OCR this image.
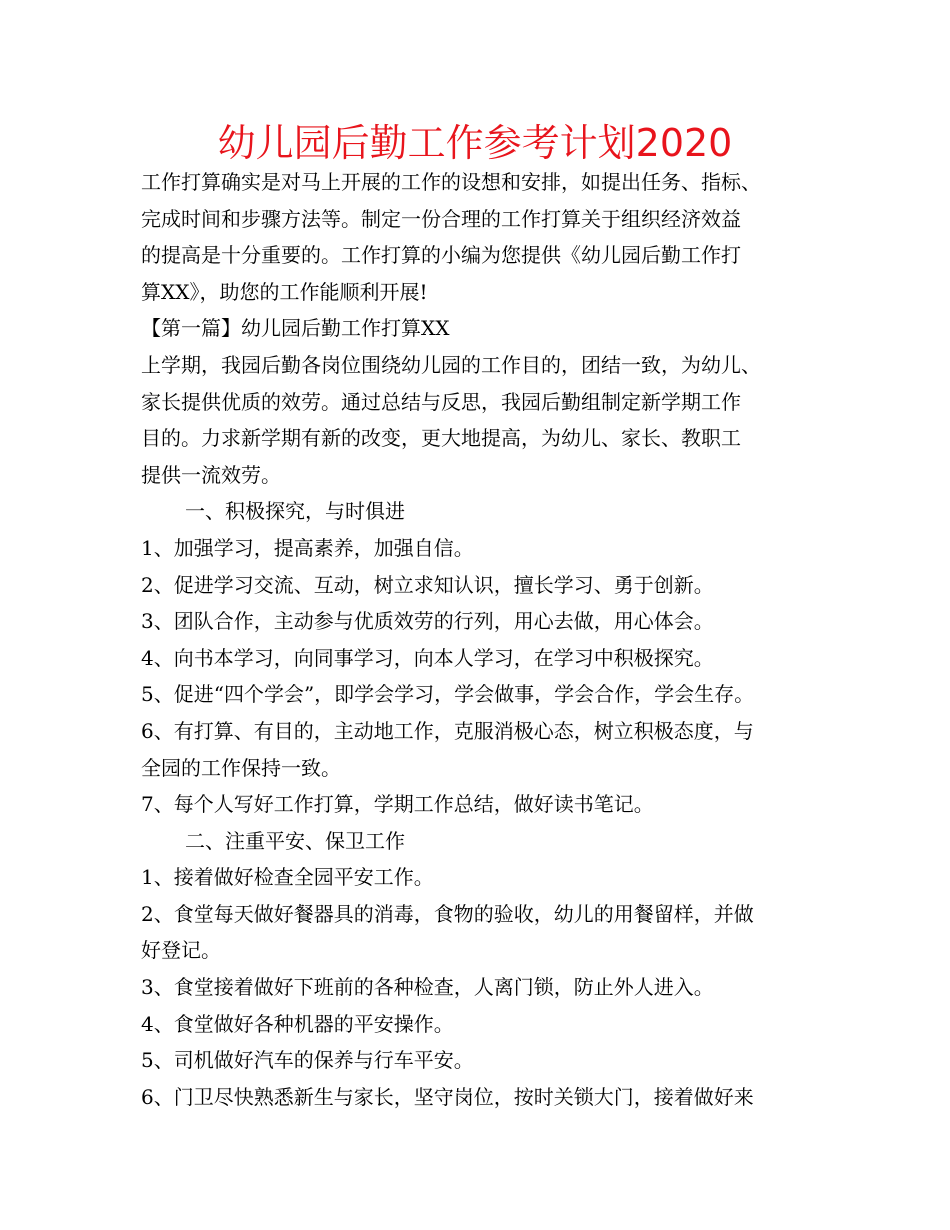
幼儿园后勤工作参考计划2020
工作打算确实是对马上开展的工作的设想和安排，如提出任务、指标、
完成时间和步骤方法等。制定一份合理的工作打算关于组织经济效益
的提高是十分重要的。工作打算的小编为您提供《幼儿园后勤工作打
算XX》，助您的工作能顺利开展!
【第一篇】幼儿园后勤工作打算XX
上学期，我园后勤各岗位围绕幼儿园的工作目的，团结一致，为幼儿、
家长提供优质的效劳。通过总结与反思，我园后勤组制定新学期工作
目的。力求新学期有新的改变，更大地提高，为幼儿、家长、教职工
提供一流效劳。
一、积极探究，与时俱进
1、加强学习，提高素养，加强自信。
2、促进学习交流、互动，树立求知认识，擅长学习、勇于创新。
3、团队合作，主动参与优质效劳的行列，用心去做，用心体会。
4、向书本学习，向同事学习，向本人学习，在学习中积极探究。
5、促进“四个学会”，即学会学习，学会做事，学会合作，学会生存。
6、有打算、有目的，主动地工作，克服消极心态，树立积极态度，与
全园的工作保持一致。
7、每个人写好工作打算，学期工作总结，做好读书笔记。
二、注重平安、保卫工作
1、接着做好检查全园平安工作。
2、食堂每天做好餐器具的消毒，食物的验收，幼儿的用餐留样，并做
好登记。
3、食堂接着做好下班前的各种检查，人离门锁，防止外人进入。
4、食堂做好各种机器的平安操作。
5、司机做好汽车的保养与行车平安。
6、门卫尽快熟悉新生与家长，坚守岗位，按时关锁大门，接着做好来
